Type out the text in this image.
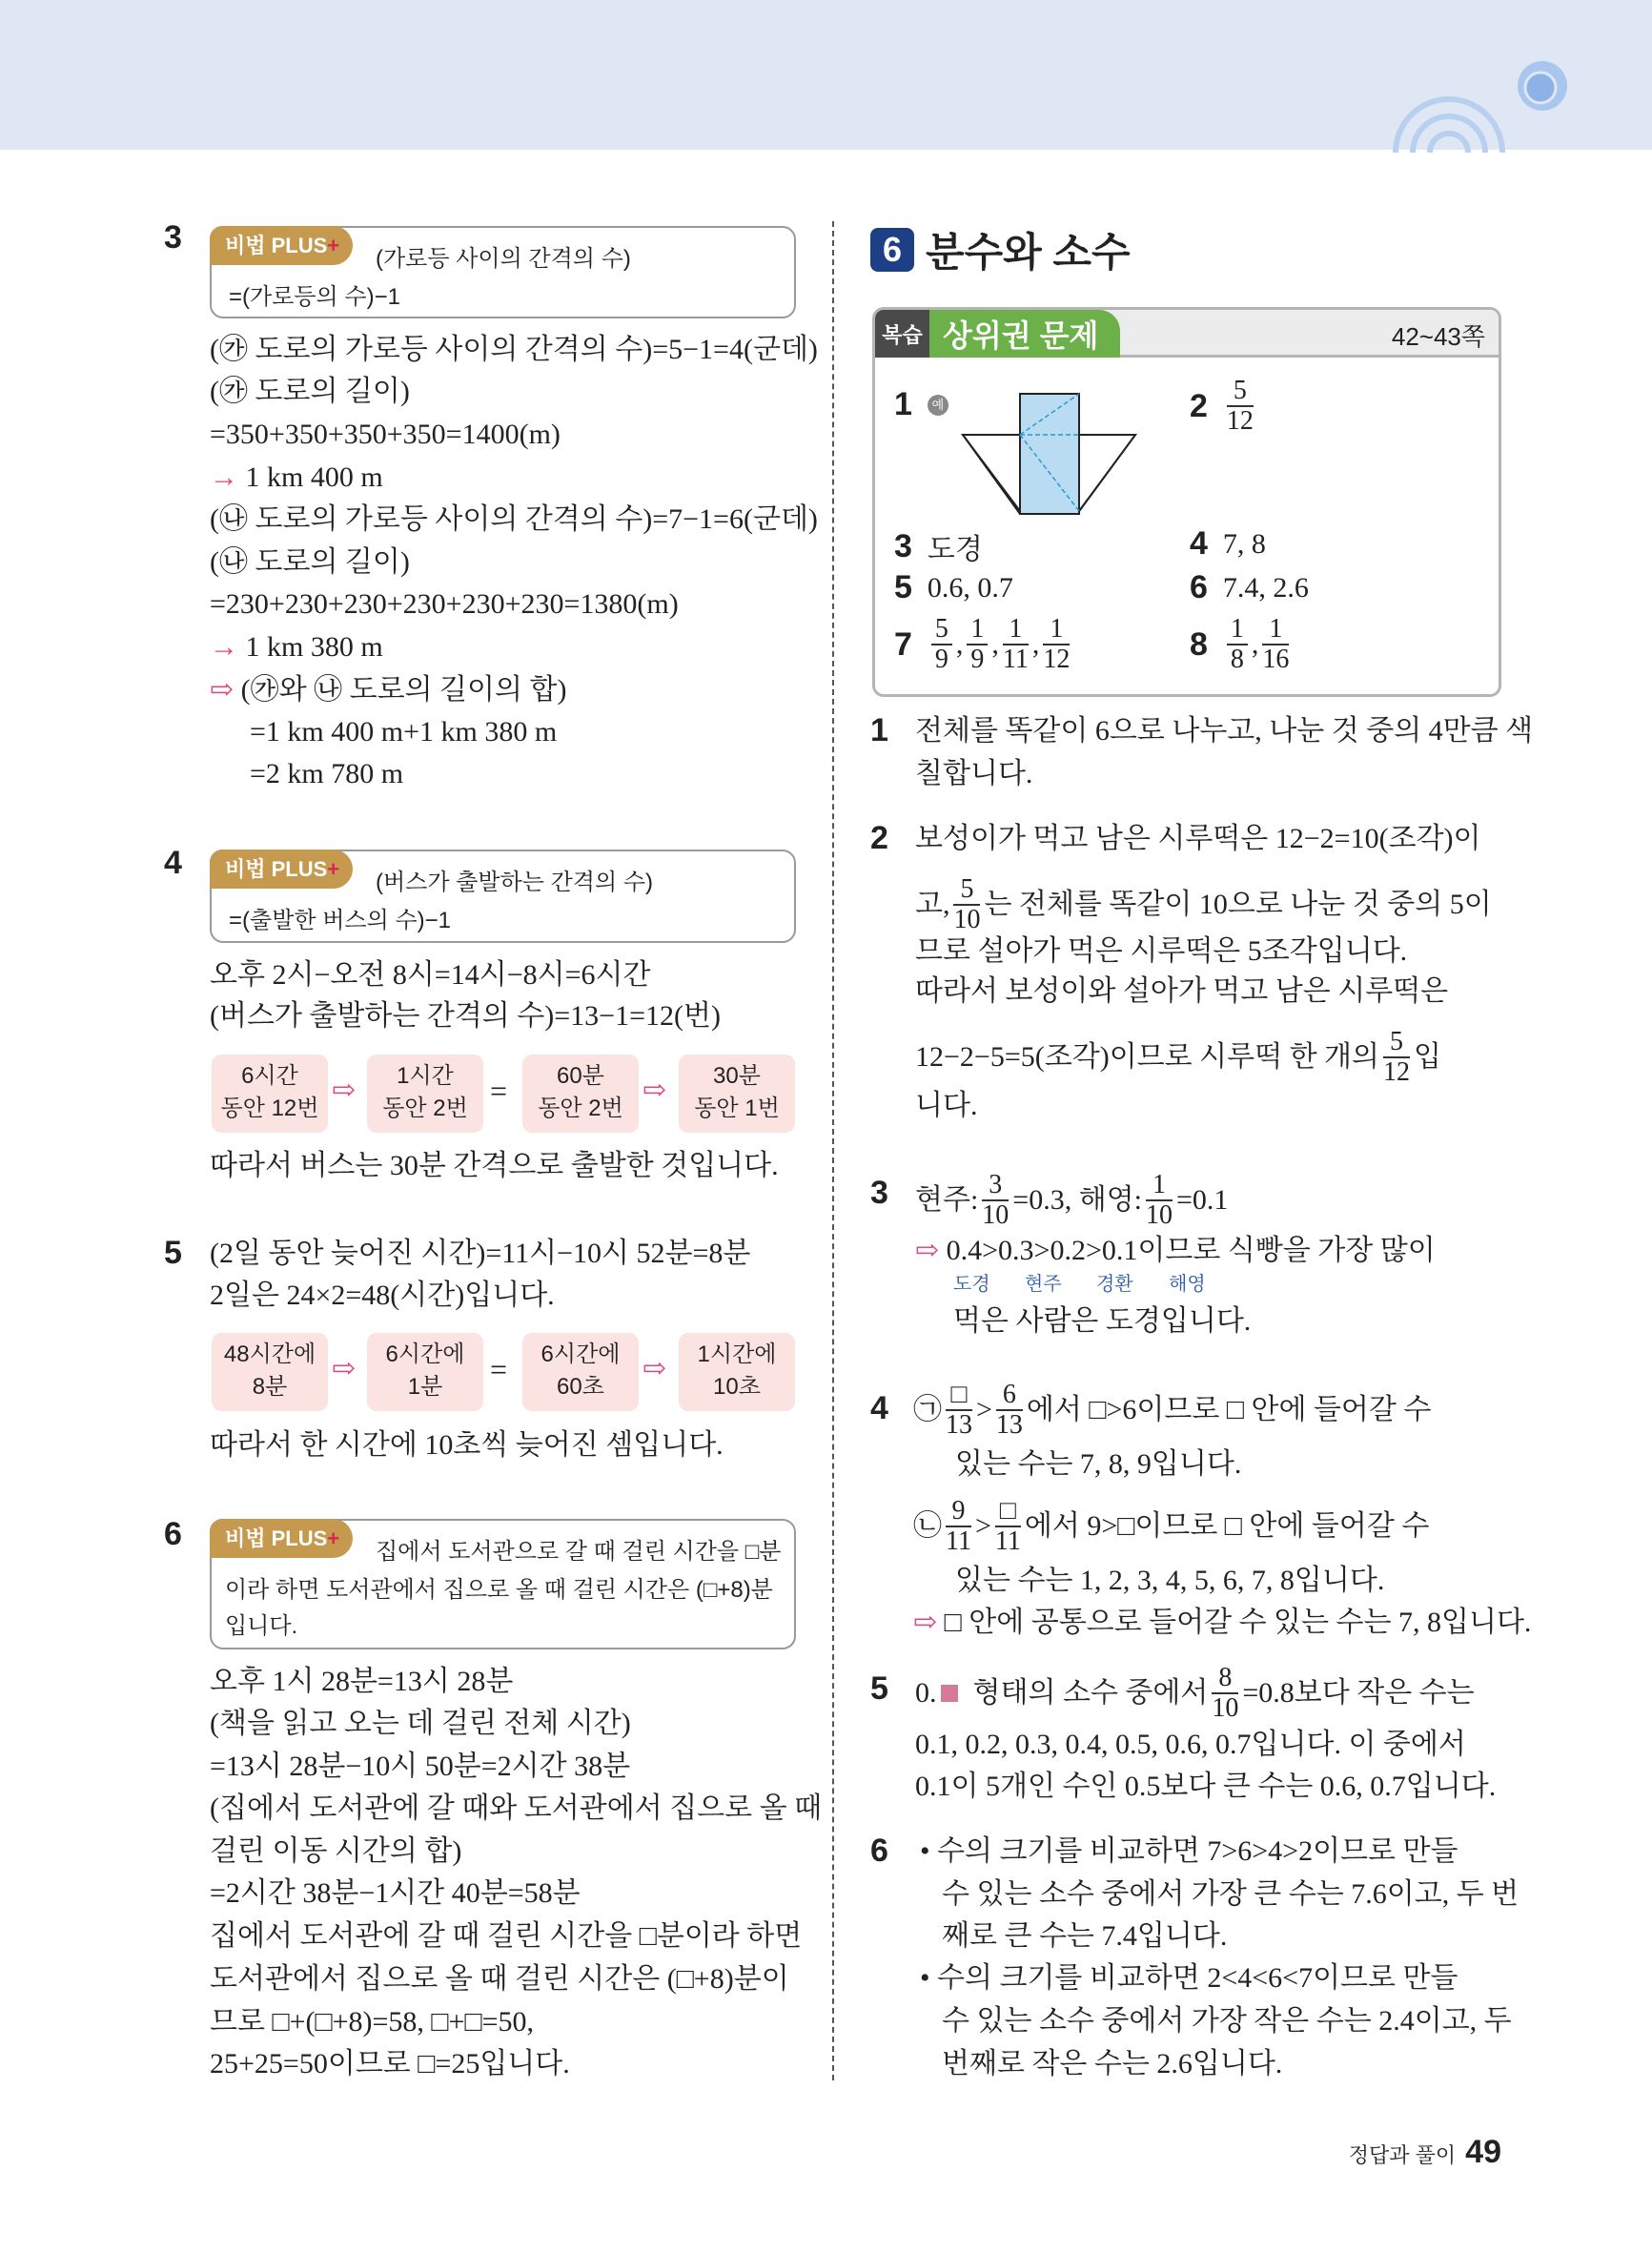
3	비법 PLUS+
(가로등 사이의 간격의 수)
=(가로등의 수)−1
(㉮ 도로의 가로등 사이의 간격의 수)=5−1=4(군데)
(㉮ 도로의 길이)
=350+350+350+350=1400(m)
→ 1 km 400 m
(㉯ 도로의 가로등 사이의 간격의 수)=7−1=6(군데)
(㉯ 도로의 길이)
=230+230+230+230+230+230=1380(m)
→ 1 km 380 m
⇨ (㉮와 ㉯ 도로의 길이의 합)
=1 km 400 m+1 km 380 m
=2 km 780 m
4	비법 PLUS+
(버스가 출발하는 간격의 수)
=(출발한 버스의 수)−1
오후 2시−오전 8시=14시−8시=6시간
(버스가 출발하는 간격의 수)=13−1=12(번)
6시간
동안 12번
⇨	1시간
동안 2번
=	60분
동안 2번
⇨	30분
동안 1번
따라서 버스는 30분 간격으로 출발한 것입니다.
5 (2일 동안 늦어진 시간)=11시−10시 52분=8분
2일은 24×2=48(시간)입니다.
48시간에
8분
⇨	6시간에
1분
=	6시간에
60초
⇨	1시간에
10초
따라서 한 시간에 10초씩 늦어진 셈입니다.
6	비법 PLUS+
집에서 도서관으로 갈 때 걸린 시간을 □분
이라 하면 도서관에서 집으로 올 때 걸린 시간은 (□+8)분
입니다.
오후 1시 28분=13시 28분
(책을 읽고 오는 데 걸린 전체 시간)
=13시 28분−10시 50분=2시간 38분
(집에서 도서관에 갈 때와 도서관에서 집으로 올 때
걸린 이동 시간의 합)
=2시간 38분−1시간 40분=58분
집에서 도서관에 갈 때 걸린 시간을 □분이라 하면
도서관에서 집으로 올 때 걸린 시간은 (□+8)분이
므로 □+(□+8)=58, □+□=50,
25+25=50이므로 □=25입니다.
6 분수와 소수
복습 상위권 문제	42~43쪽
1	예	$2 \frac{5}{12}$
3 도경	4 7, 8
5 0.6, 0.7	6 7.4, 2.6
$7 \frac{5}{9}$ , $\frac{1}{9}$ , $\frac{1}{11}$ , $\frac{1}{12}$	$8 \frac{1}{8}$ , $\frac{1}{16}$
1 전체를 똑같이 6으로 나누고, 나눈 것 중의 4만큼 색
칠합니다.
2 보성이가 먹고 남은 시루떡은 12−2=10(조각)이
고, $\frac{5}{10}$ 는 전체를 똑같이 10으로 나눈 것 중의 5이
므로 설아가 먹은 시루떡은 5조각입니다.
따라서 보성이와 설아가 먹고 남은 시루떡은
12−2−5=5(조각)이므로 시루떡 한 개의 $\frac{5}{12}$ 입
니다.
3 현주: $\frac{3}{10} =0.3$, 해영: $\frac{1}{10} =0.1$
⇨ 0.4>0.3>0.2>0.1이므로 식빵을 가장 많이
도경 현주 경환 해영
먹은 사람은 도경입니다.
4 ㉠ $\frac{□}{13} > \frac{6}{13}$ 에서 □>6이므로 □ 안에 들어갈 수
있는 수는 7, 8, 9입니다.
㉡ $\frac{9}{11} > \frac{□}{11}$ 에서 9>□이므로 □ 안에 들어갈 수
있는 수는 1, 2, 3, 4, 5, 6, 7, 8입니다.
⇨ □ 안에 공통으로 들어갈 수 있는 수는 7, 8입니다.
5 0. 형태의 소수 중에서 $\frac{8}{10} =0.8$보다 작은 수는
0.1, 0.2, 0.3, 0.4, 0.5, 0.6, 0.7입니다. 이 중에서
0.1이 5개인 수인 0.5보다 큰 수는 0.6, 0.7입니다.
6 • 수의 크기를 비교하면 7>6>4>2이므로 만들
수 있는 소수 중에서 가장 큰 수는 7.6이고, 두 번
째로 큰 수는 7.4입니다.
• 수의 크기를 비교하면 2<4<6<7이므로 만들
수 있는 소수 중에서 가장 작은 수는 2.4이고, 두
번째로 작은 수는 2.6입니다.
정답과 풀이 49
